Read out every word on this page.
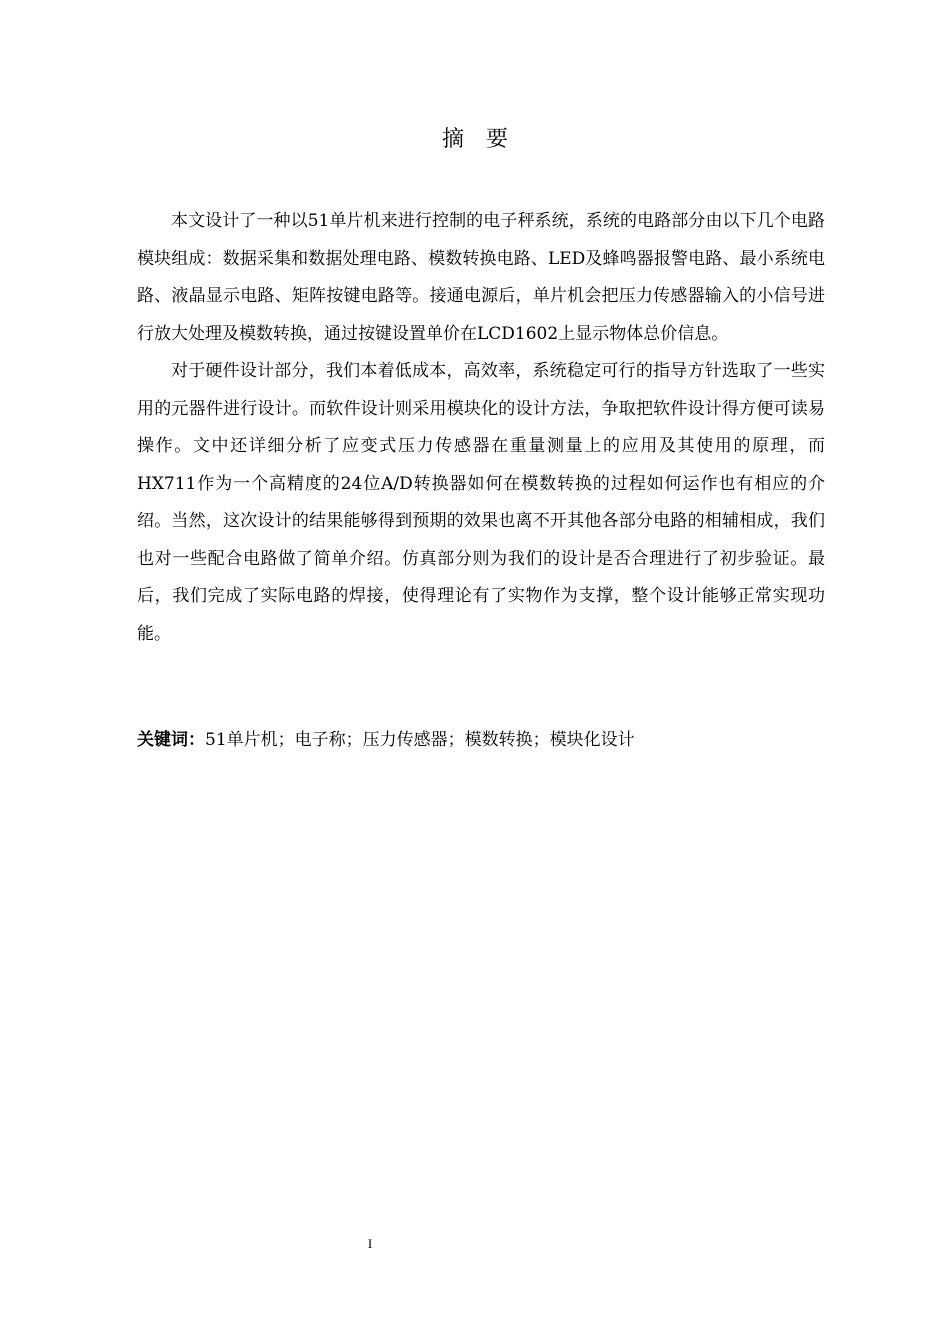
摘要

本文设计了一种以51单片机来进行控制的电子秤系统，系统的电路部分由以下几个电路模块组成：数据采集和数据处理电路、模数转换电路、LED及蜂鸣器报警电路、最小系统电路、液晶显示电路、矩阵按键电路等。接通电源后，单片机会把压力传感器输入的小信号进行放大处理及模数转换，通过按键设置单价在LCD1602上显示物体总价信息。

对于硬件设计部分，我们本着低成本，高效率，系统稳定可行的指导方针选取了一些实用的元器件进行设计。而软件设计则采用模块化的设计方法，争取把软件设计得方便可读易操作。文中还详细分析了应变式压力传感器在重量测量上的应用及其使用的原理，而HX711作为一个高精度的24位A/D转换器如何在模数转换的过程如何运作也有相应的介绍。当然，这次设计的结果能够得到预期的效果也离不开其他各部分电路的相辅相成，我们也对一些配合电路做了简单介绍。仿真部分则为我们的设计是否合理进行了初步验证。最后，我们完成了实际电路的焊接，使得理论有了实物作为支撑，整个设计能够正常实现功能。

关键词：51单片机；电子称；压力传感器；模数转换；模块化设计
I
